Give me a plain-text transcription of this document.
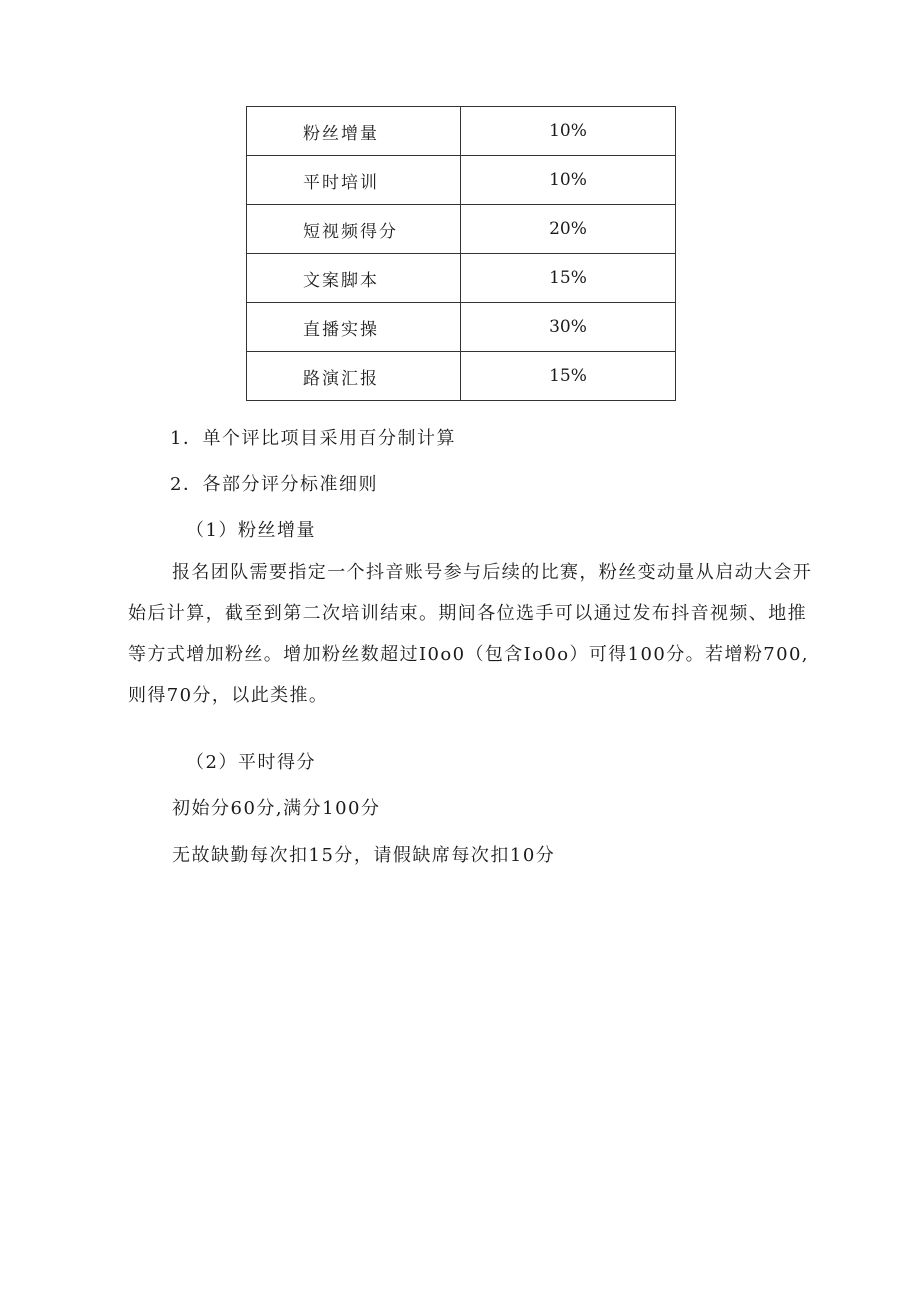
粉丝增量	10%
平时培训	10%
短视频得分	20%
文案脚本	15%
直播实操	30%
路演汇报	15%
1．单个评比项目采用百分制计算
2．各部分评分标准细则
（1）粉丝增量
报名团队需要指定一个抖音账号参与后续的比赛，粉丝变动量从启动大会开始后计算，截至到第二次培训结束。期间各位选手可以通过发布抖音视频、地推等方式增加粉丝。增加粉丝数超过I0o0（包含Io0o）可得100分。若增粉700,则得70分，以此类推。
（2）平时得分
初始分60分,满分100分
无故缺勤每次扣15分，请假缺席每次扣10分
